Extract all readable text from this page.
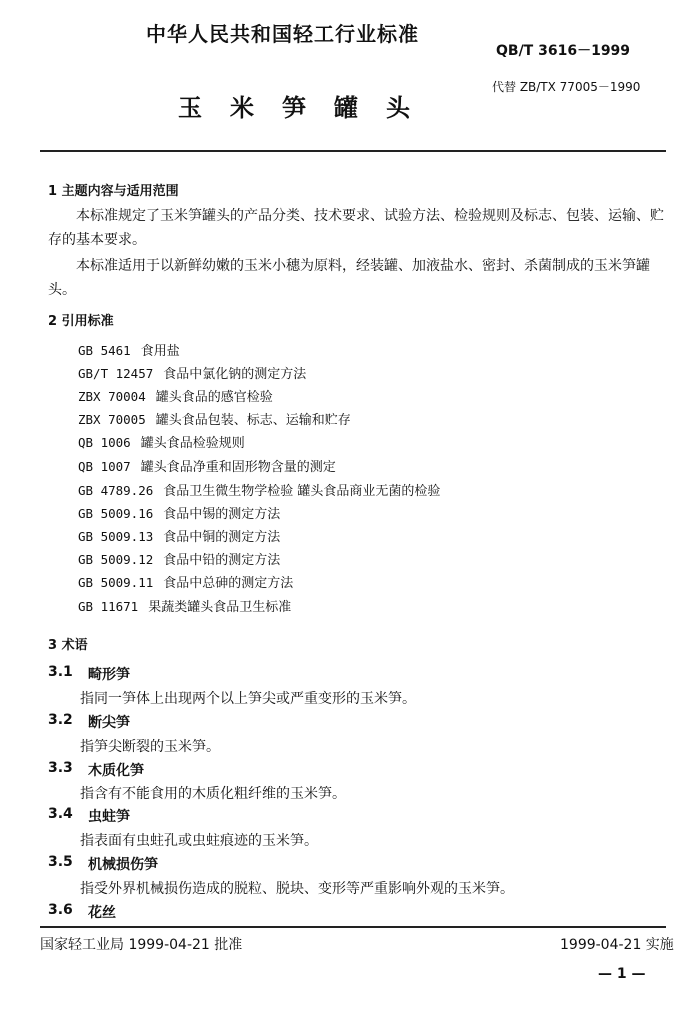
中华人民共和国轻工行业标准
QB/T 3616－1999
玉 米 笋 罐 头
代替 ZB/TX 77005－1990
1 主题内容与适用范围
本标准规定了玉米笋罐头的产品分类、技术要求、试验方法、检验规则及标志、包装、运输、贮存的基本要求。
本标准适用于以新鲜幼嫩的玉米小穗为原料，经装罐、加液盐水、密封、杀菌制成的玉米笋罐头。
2 引用标准
GB 5461 食用盐
GB/T 12457 食品中氯化钠的测定方法
ZBX 70004 罐头食品的感官检验
ZBX 70005 罐头食品包装、标志、运输和贮存
QB 1006 罐头食品检验规则
QB 1007 罐头食品净重和固形物含量的测定
GB 4789.26 食品卫生微生物学检验 罐头食品商业无菌的检验
GB 5009.16 食品中锡的测定方法
GB 5009.13 食品中铜的测定方法
GB 5009.12 食品中铅的测定方法
GB 5009.11 食品中总砷的测定方法
GB 11671 果蔬类罐头食品卫生标准
3 术语
3.1 畸形笋
指同一笋体上出现两个以上笋尖或严重变形的玉米笋。
3.2 断尖笋
指笋尖断裂的玉米笋。
3.3 木质化笋
指含有不能食用的木质化粗纤维的玉米笋。
3.4 虫蛀笋
指表面有虫蛀孔或虫蛀痕迹的玉米笋。
3.5 机械损伤笋
指受外界机械损伤造成的脱粒、脱块、变形等严重影响外观的玉米笋。
3.6 花丝
国家轻工业局 1999-04-21 批准	1999-04-21 实施
— 1 —
